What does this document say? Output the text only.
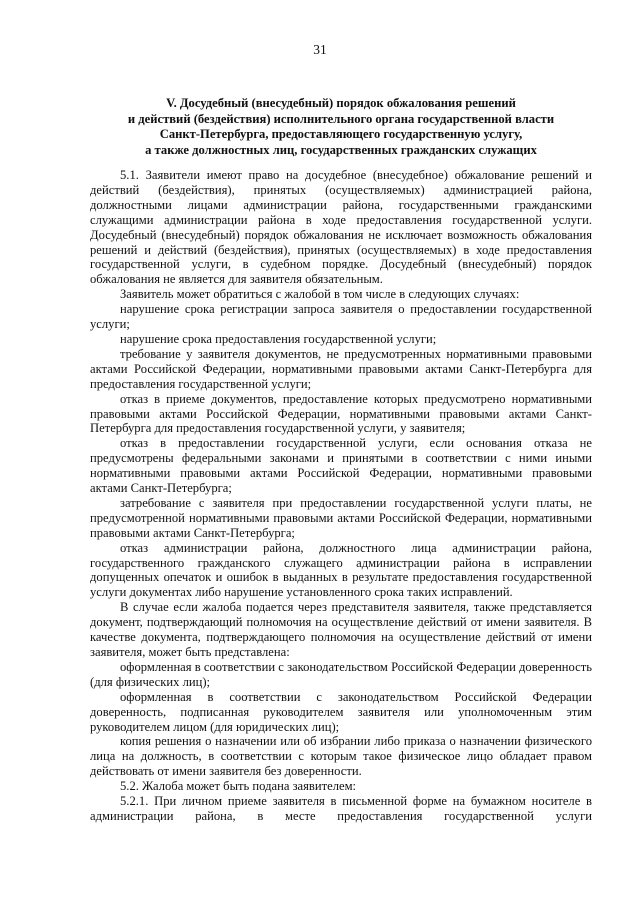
31
V. Досудебный (внесудебный) порядок обжалования решений
и действий (бездействия) исполнительного органа государственной власти
Санкт-Петербурга, предоставляющего государственную услугу,
а также должностных лиц, государственных гражданских служащих

5.1. Заявители имеют право на досудебное (внесудебное) обжалование решений и действий (бездействия), принятых (осуществляемых) администрацией района, должностными лицами администрации района, государственными гражданскими служащими администрации района в ходе предоставления государственной услуги. Досудебный (внесудебный) порядок обжалования не исключает возможность обжалования решений и действий (бездействия), принятых (осуществляемых) в ходе предоставления государственной услуги, в судебном порядке. Досудебный (внесудебный) порядок обжалования не является для заявителя обязательным.

Заявитель может обратиться с жалобой в том числе в следующих случаях:

нарушение срока регистрации запроса заявителя о предоставлении государственной услуги;

нарушение срока предоставления государственной услуги;

требование у заявителя документов, не предусмотренных нормативными правовыми актами Российской Федерации, нормативными правовыми актами Санкт-Петербурга для предоставления государственной услуги;

отказ в приеме документов, предоставление которых предусмотрено нормативными правовыми актами Российской Федерации, нормативными правовыми актами Санкт-Петербурга для предоставления государственной услуги, у заявителя;

отказ в предоставлении государственной услуги, если основания отказа не предусмотрены федеральными законами и принятыми в соответствии с ними иными нормативными правовыми актами Российской Федерации, нормативными правовыми актами Санкт-Петербурга;

затребование с заявителя при предоставлении государственной услуги платы, не предусмотренной нормативными правовыми актами Российской Федерации, нормативными правовыми актами Санкт-Петербурга;

отказ администрации района, должностного лица администрации района, государственного гражданского служащего администрации района в исправлении допущенных опечаток и ошибок в выданных в результате предоставления государственной услуги документах либо нарушение установленного срока таких исправлений.

В случае если жалоба подается через представителя заявителя, также представляется документ, подтверждающий полномочия на осуществление действий от имени заявителя. В качестве документа, подтверждающего полномочия на осуществление действий от имени заявителя, может быть представлена:

оформленная в соответствии с законодательством Российской Федерации доверенность (для физических лиц);

оформленная в соответствии с законодательством Российской Федерации доверенность, подписанная руководителем заявителя или уполномоченным этим руководителем лицом (для юридических лиц);

копия решения о назначении или об избрании либо приказа о назначении физического лица на должность, в соответствии с которым такое физическое лицо обладает правом действовать от имени заявителя без доверенности.

5.2. Жалоба может быть подана заявителем:

5.2.1. При личном приеме заявителя в письменной форме на бумажном носителе в администрации района, в месте предоставления государственной услуги
